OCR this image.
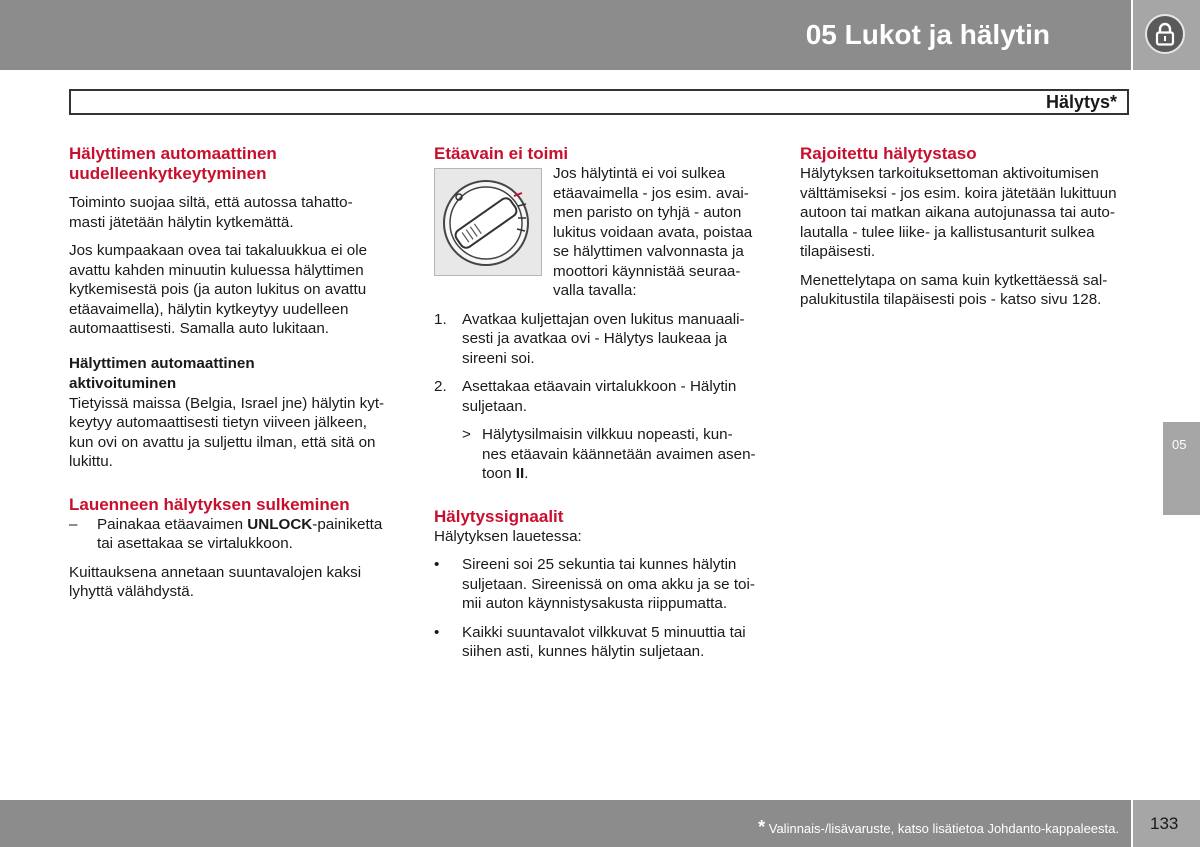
05 Lukot ja hälytin
Hälytys*
Hälyttimen automaattinen uudelleenkytkeytyminen

Toiminto suojaa siltä, että autossa tahatto-
masti jätetään hälytin kytkemättä.

Jos kumpaakaan ovea tai takaluukkua ei ole
avattu kahden minuutin kuluessa hälyttimen
kytkemisestä pois (ja auton lukitus on avattu
etäavaimella), hälytin kytkeytyy uudelleen
automaattisesti. Samalla auto lukitaan.

Hälyttimen automaattinen
aktivoituminen

Tietyissä maissa (Belgia, Israel jne) hälytin kyt-
keytyy automaattisesti tietyn viiveen jälkeen,
kun ovi on avattu ja suljettu ilman, että sitä on
lukittu.

Lauenneen hälytyksen sulkeminen
–	Painakaa etäavaimen UNLOCK-painiketta
tai asettakaa se virtalukkoon.

Kuittauksena annetaan suuntavalojen kaksi
lyhyttä välähdystä.

Etäavain ei toimi

Jos hälytintä ei voi sulkea
etäavaimella - jos esim. avai-
men paristo on tyhjä - auton
lukitus voidaan avata, poistaa
se hälyttimen valvonnasta ja
moottori käynnistää seuraa-
valla tavalla:

1.	Avatkaa kuljettajan oven lukitus manuaali-
sesti ja avatkaa ovi - Hälytys laukeaa ja
sireeni soi.

2.	Asettakaa etäavain virtalukkoon - Hälytin
suljetaan.

> Hälytysilmaisin vilkkuu nopeasti, kun-
nes etäavain käännetään avaimen asen-
toon II.

Hälytyssignaalit

Hälytyksen lauetessa:

•	Sireeni soi 25 sekuntia tai kunnes hälytin
suljetaan. Sireenissä on oma akku ja se toi-
mii auton käynnistysakusta riippumatta.

•	Kaikki suuntavalot vilkkuvat 5 minuuttia tai
siihen asti, kunnes hälytin suljetaan.

Rajoitettu hälytystaso

Hälytyksen tarkoituksettoman aktivoitumisen
välttämiseksi - jos esim. koira jätetään lukittuun
autoon tai matkan aikana autojunassa tai auto-
lautalla - tulee liike- ja kallistusanturit sulkea
tilapäisesti.

Menettelytapa on sama kuin kytkettäessä sal-
palukitustila tilapäisesti pois - katso sivu 128.

05
* Valinnais-/lisävaruste, katso lisätietoa Johdanto-kappaleesta. 133
